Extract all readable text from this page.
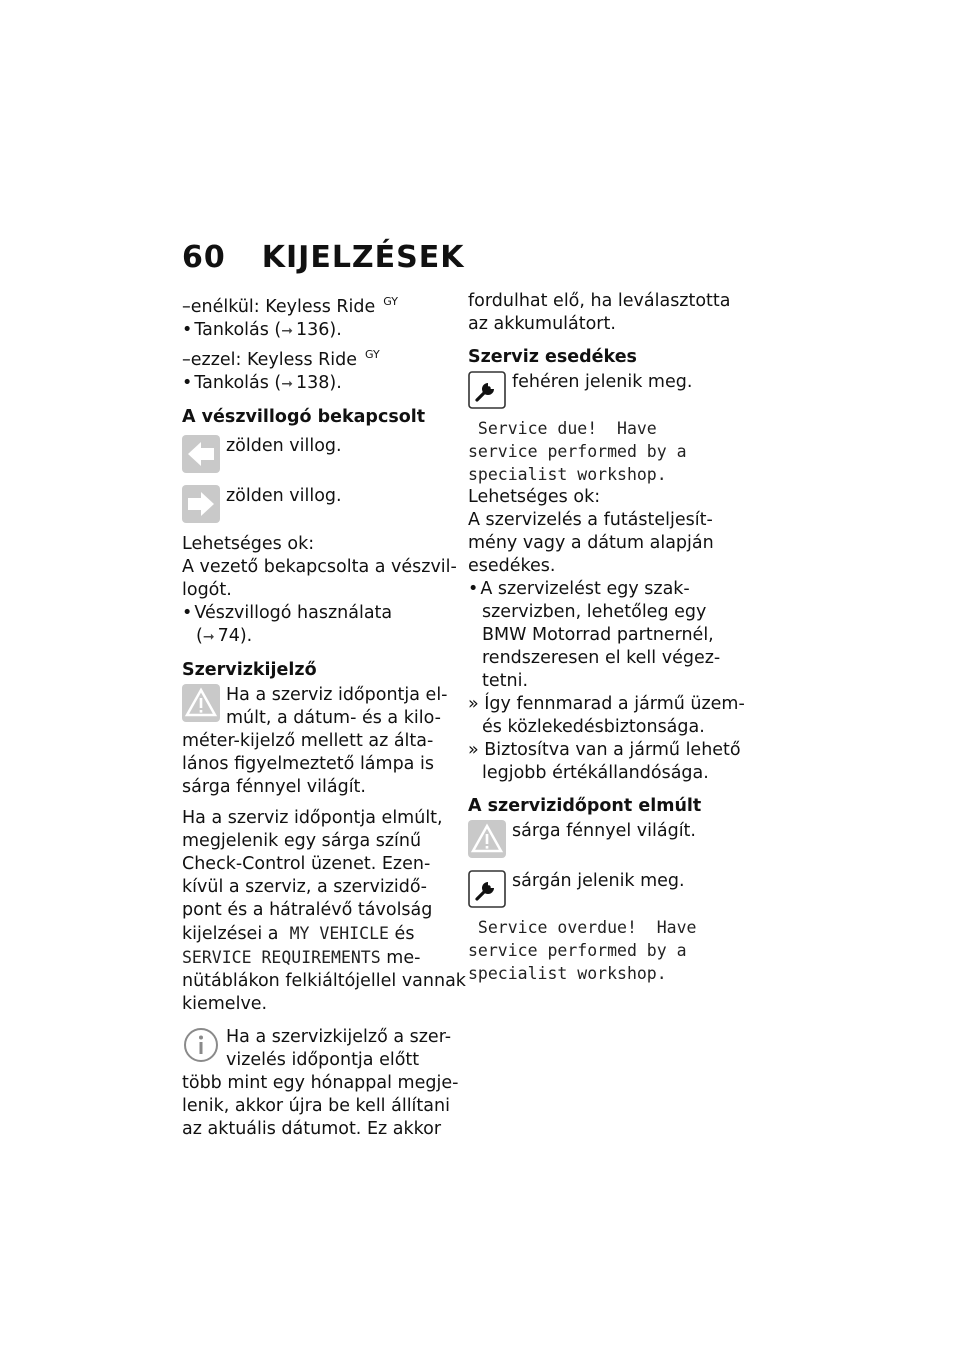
60 KIJELZÉSEK
–enélkül: Keyless Ride $^{GY}$
• Tankolás ( ➞ 136).
–ezzel: Keyless Ride $^{GY}$
• Tankolás ( ➞ 138).
A vészvillogó bekapcsolt
zölden villog.
zölden villog.
Lehetséges ok:
A vezető bekapcsolta a vészvil-
logót.
• Vészvillogó használata
( ➞ 74).
Szervizkijelző
Ha a szerviz időpontja el-
múlt, a dátum- és a kilo-
méter-kijelző mellett az álta-
lános figyelmeztető lámpa is
sárga fénnyel világít.
Ha a szerviz időpontja elmúlt,
megjelenik egy sárga színű
Check-Control üzenet. Ezen-
kívül a szerviz, a szervizidő-
pont és a hátralévő távolság
kijelzései a MY VEHICLE és
SERVICE REQUIREMENTS me-
nütáblákon felkiáltójellel vannak
kiemelve.
Ha a szervizkijelző a szer-
vizelés időpontja előtt
több mint egy hónappal megje-
lenik, akkor újra be kell állítani
az aktuális dátumot. Ez akkor
fordulhat elő, ha leválasztotta
az akkumulátort.
Szerviz esedékes
fehéren jelenik meg.
Service due!  Have
service performed by a
specialist workshop.
Lehetséges ok:
A szervizelés a futásteljesít-
mény vagy a dátum alapján
esedékes.
• A szervizelést egy szak-
szervizben, lehetőleg egy
BMW Motorrad partnernél,
rendszeresen el kell végez-
tetni.
» Így fennmarad a jármű üzem-
és közlekedésbiztonsága.
» Biztosítva van a jármű lehető
legjobb értékállandósága.
A szervizidőpont elmúlt
sárga fénnyel világít.
sárgán jelenik meg.
Service overdue!  Have
service performed by a
specialist workshop.
